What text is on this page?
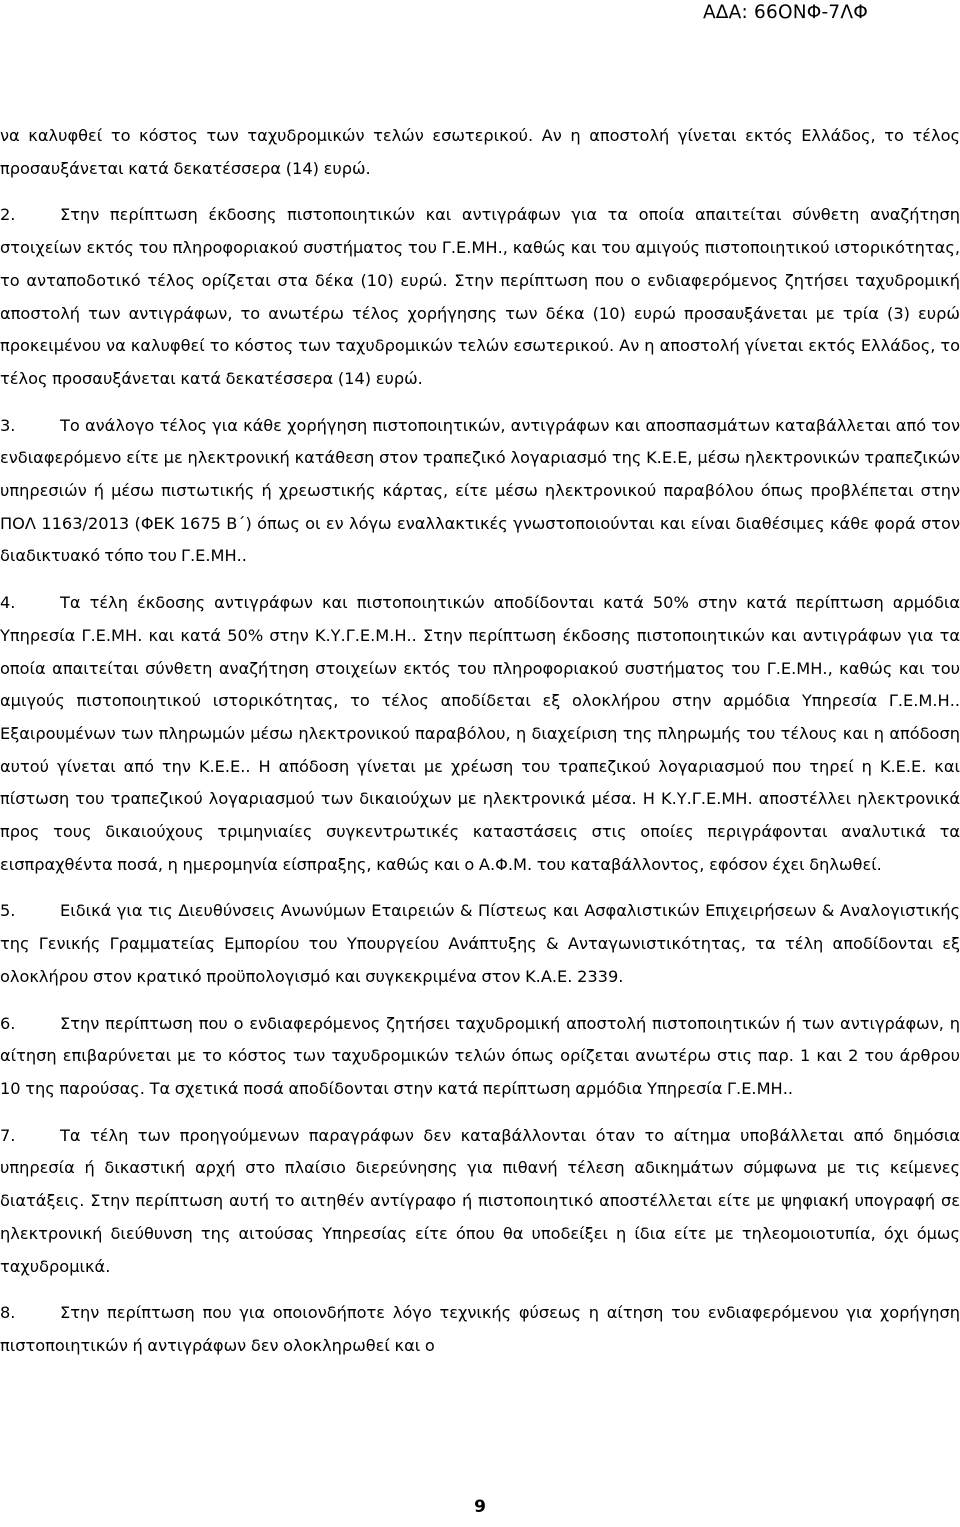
ΑΔΑ: 66ΟΝΦ-7ΛΦ

να καλυφθεί το κόστος των ταχυδρομικών τελών εσωτερικού. Αν η αποστολή γίνεται εκτός Ελλάδος, το τέλος προσαυξάνεται κατά δεκατέσσερα (14) ευρώ.

2.	Στην περίπτωση έκδοσης πιστοποιητικών και αντιγράφων για τα οποία απαιτείται σύνθετη αναζήτηση στοιχείων εκτός του πληροφοριακού συστήματος του Γ.Ε.ΜΗ., καθώς και του αμιγούς πιστοποιητικού ιστορικότητας, το ανταποδοτικό τέλος ορίζεται στα δέκα (10) ευρώ. Στην περίπτωση που ο ενδιαφερόμενος ζητήσει ταχυδρομική αποστολή των αντιγράφων, το ανωτέρω τέλος χορήγησης των δέκα (10) ευρώ προσαυξάνεται με τρία (3) ευρώ προκειμένου να καλυφθεί το κόστος των ταχυδρομικών τελών εσωτερικού. Αν η αποστολή γίνεται εκτός Ελλάδος, το τέλος προσαυξάνεται κατά δεκατέσσερα (14) ευρώ.

3.	Το ανάλογο τέλος για κάθε χορήγηση πιστοποιητικών, αντιγράφων και αποσπασμάτων καταβάλλεται από τον ενδιαφερόμενο είτε με ηλεκτρονική κατάθεση στον τραπεζικό λογαριασμό της Κ.Ε.Ε, μέσω ηλεκτρονικών τραπεζικών υπηρεσιών ή μέσω πιστωτικής ή χρεωστικής κάρτας, είτε μέσω ηλεκτρονικού παραβόλου όπως προβλέπεται στην ΠΟΛ 1163/2013 (ΦΕΚ 1675 Β΄) όπως οι εν λόγω εναλλακτικές γνωστοποιούνται και είναι διαθέσιμες κάθε φορά στον διαδικτυακό τόπο του Γ.Ε.ΜΗ..

4.	Τα τέλη έκδοσης αντιγράφων και πιστοποιητικών αποδίδονται κατά 50% στην κατά περίπτωση αρμόδια Υπηρεσία Γ.Ε.ΜΗ. και κατά 50% στην Κ.Υ.Γ.Ε.Μ.Η.. Στην περίπτωση έκδοσης πιστοποιητικών και αντιγράφων για τα οποία απαιτείται σύνθετη αναζήτηση στοιχείων εκτός του πληροφοριακού συστήματος του Γ.Ε.ΜΗ., καθώς και του αμιγούς πιστοποιητικού ιστορικότητας, το τέλος αποδίδεται εξ ολοκλήρου στην αρμόδια Υπηρεσία Γ.Ε.Μ.Η.. Εξαιρουμένων των πληρωμών μέσω ηλεκτρονικού παραβόλου, η διαχείριση της πληρωμής του τέλους και η απόδοση αυτού γίνεται από την Κ.Ε.Ε.. Η απόδοση γίνεται με χρέωση του τραπεζικού λογαριασμού που τηρεί η Κ.Ε.Ε. και πίστωση του τραπεζικού λογαριασμού των δικαιούχων με ηλεκτρονικά μέσα. Η Κ.Υ.Γ.Ε.ΜΗ. αποστέλλει ηλεκτρονικά προς τους δικαιούχους τριμηνιαίες συγκεντρωτικές καταστάσεις στις οποίες περιγράφονται αναλυτικά τα εισπραχθέντα ποσά, η ημερομηνία είσπραξης, καθώς και ο Α.Φ.Μ. του καταβάλλοντος, εφόσον έχει δηλωθεί.

5.	Ειδικά για τις Διευθύνσεις Ανωνύμων Εταιρειών & Πίστεως και Ασφαλιστικών Επιχειρήσεων & Αναλογιστικής της Γενικής Γραμματείας Εμπορίου του Υπουργείου Ανάπτυξης & Ανταγωνιστικότητας, τα τέλη αποδίδονται εξ ολοκλήρου στον κρατικό προϋπολογισμό και συγκεκριμένα στον Κ.Α.Ε. 2339.

6.	Στην περίπτωση που ο ενδιαφερόμενος ζητήσει ταχυδρομική αποστολή πιστοποιητικών ή των αντιγράφων, η αίτηση επιβαρύνεται με το κόστος των ταχυδρομικών τελών όπως ορίζεται ανωτέρω στις παρ. 1 και 2 του άρθρου 10 της παρούσας. Τα σχετικά ποσά αποδίδονται στην κατά περίπτωση αρμόδια Υπηρεσία Γ.Ε.ΜΗ..

7.	Τα τέλη των προηγούμενων παραγράφων δεν καταβάλλονται όταν το αίτημα υποβάλλεται από δημόσια υπηρεσία ή δικαστική αρχή στο πλαίσιο διερεύνησης για πιθανή τέλεση αδικημάτων σύμφωνα με τις κείμενες διατάξεις. Στην περίπτωση αυτή το αιτηθέν αντίγραφο ή πιστοποιητικό αποστέλλεται είτε με ψηφιακή υπογραφή σε ηλεκτρονική διεύθυνση της αιτούσας Υπηρεσίας είτε όπου θα υποδείξει η ίδια είτε με τηλεομοιοτυπία, όχι όμως ταχυδρομικά.

8.	Στην περίπτωση που για οποιονδήποτε λόγο τεχνικής φύσεως η αίτηση του ενδιαφερόμενου για χορήγηση πιστοποιητικών ή αντιγράφων δεν ολοκληρωθεί και ο

9
